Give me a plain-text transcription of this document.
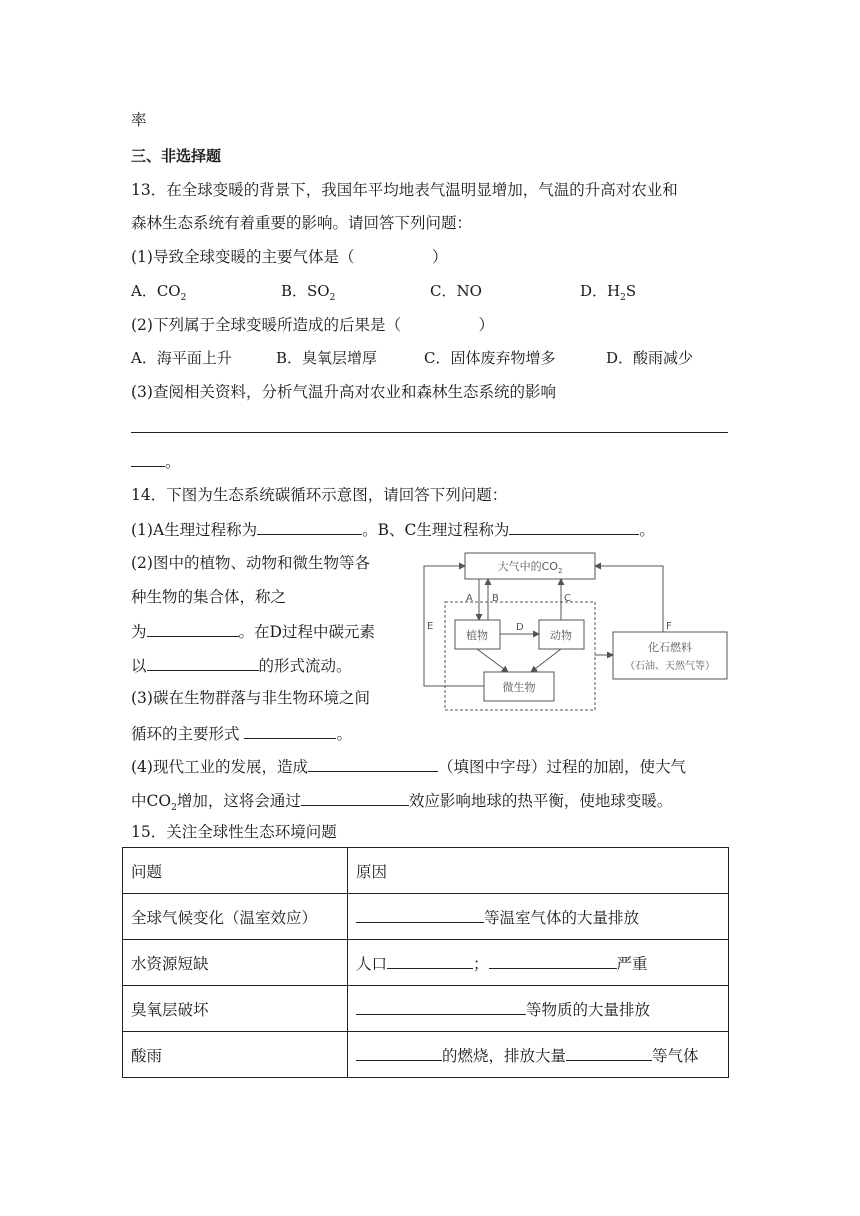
率
三、非选择题
13．在全球变暖的背景下，我国年平均地表气温明显增加，气温的升高对农业和
森林生态系统有着重要的影响。请回答下列问题：
(1)导致全球变暖的主要气体是（　　　　　）
A．$CO_2$	B．$SO_2$	C．NO	D．$H_2S$
(2)下列属于全球变暖所造成的后果是（　　　　　）
A．海平面上升	B．臭氧层增厚	C．固体废弃物增多	D．酸雨减少
(3)查阅相关资料，分析气温升高对农业和森林生态系统的影响
。
14．下图为生态系统碳循环示意图，请回答下列问题：
(1)A生理过程称为	。B、C生理过程称为	。
(2)图中的植物、动物和微生物等各
种生物的集合体，称之
为	。在D过程中碳元素
以	的形式流动。
(3)碳在生物群落与非生物环境之间
循环的主要形式	。
(4)现代工业的发展，造成	（填图中字母）过程的加剧，使大气
中$CO_2$增加，这将会通过	效应影响地球的热平衡，使地球变暖。
大气中的$CO_2$
植物	动物
微生物
化石燃料
（石油、天然气等）
E
A B	C
D	F
15．关注全球性生态环境问题
问题	原因
全球气候变化（温室效应）	等温室气体的大量排放
水资源短缺	人口 ； 严重
臭氧层破坏	等物质的大量排放
酸雨	的燃烧，排放大量 等气体
